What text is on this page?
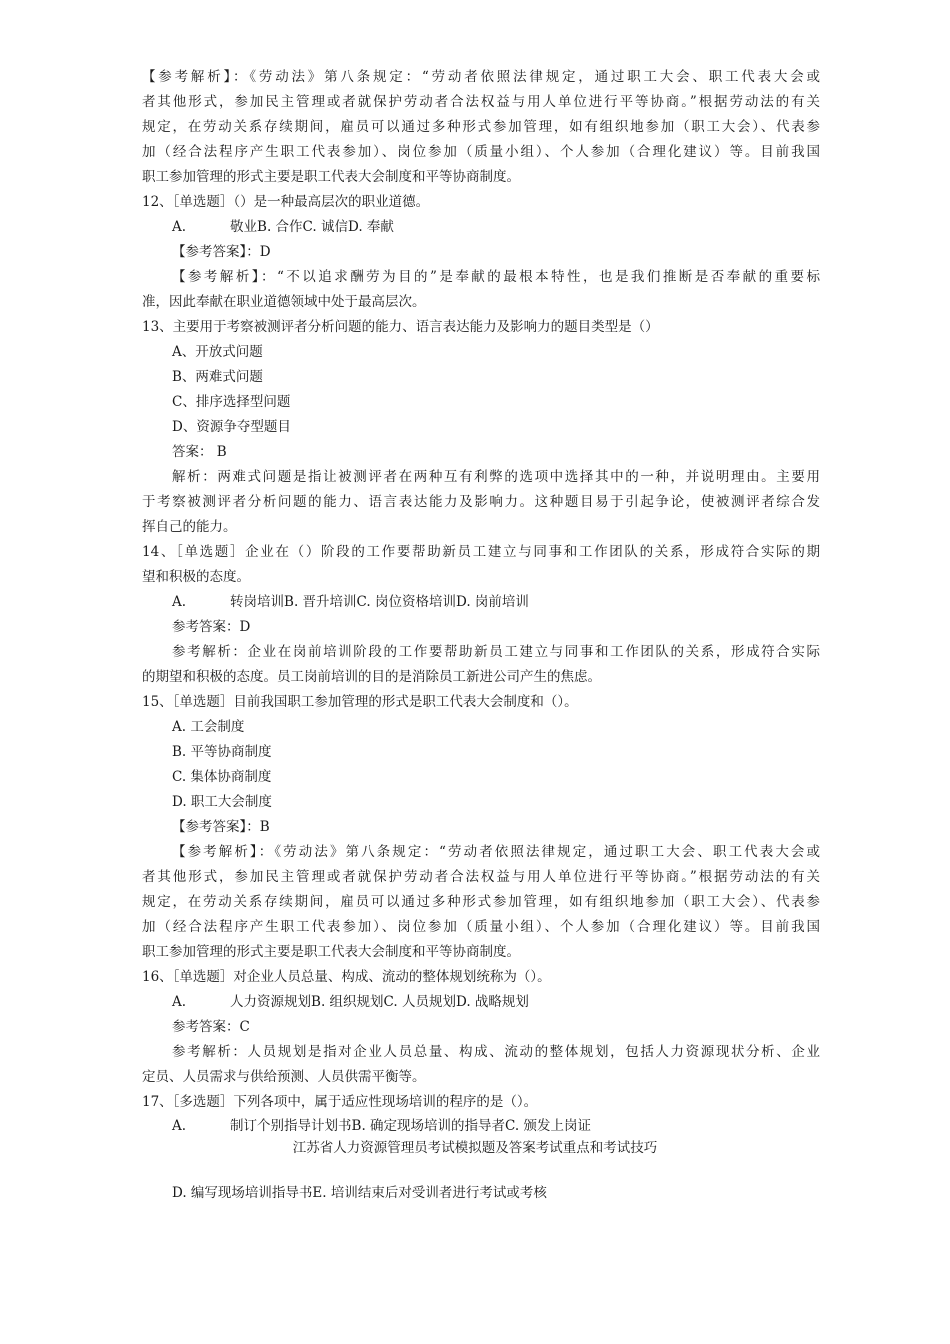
【参考解析】：《劳动法》第八条规定：“劳动者依照法律规定，通过职工大会、职工代表大会或
者其他形式，参加民主管理或者就保护劳动者合法权益与用人单位进行平等协商。”根据劳动法的有关
规定，在劳动关系存续期间，雇员可以通过多种形式参加管理，如有组织地参加（职工大会）、代表参
加（经合法程序产生职工代表参加）、岗位参加（质量小组）、个人参加（合理化建议）等。目前我国
职工参加管理的形式主要是职工代表大会制度和平等协商制度。
12、［单选题］（）是一种最高层次的职业道德。
A.	敬业B. 合作C. 诚信D. 奉献
【参考答案】：D
【参考解析】：“不以追求酬劳为目的”是奉献的最根本特性，也是我们推断是否奉献的重要标
准，因此奉献在职业道德领域中处于最高层次。
13、主要用于考察被测评者分析问题的能力、语言表达能力及影响力的题目类型是（）
A、开放式问题
B、两难式问题
C、排序选择型问题
D、资源争夺型题目
答案： B
解析：两难式问题是指让被测评者在两种互有利弊的选项中选择其中的一种，并说明理由。主要用
于考察被测评者分析问题的能力、语言表达能力及影响力。这种题目易于引起争论，使被测评者综合发
挥自己的能力。
14、［单选题］企业在（）阶段的工作要帮助新员工建立与同事和工作团队的关系，形成符合实际的期
望和积极的态度。
A.	转岗培训B. 晋升培训C. 岗位资格培训D. 岗前培训
参考答案：D
参考解析：企业在岗前培训阶段的工作要帮助新员工建立与同事和工作团队的关系，形成符合实际
的期望和积极的态度。员工岗前培训的目的是消除员工新进公司产生的焦虑。
15、［单选题］目前我国职工参加管理的形式是职工代表大会制度和（）。
A. 工会制度
B. 平等协商制度
C. 集体协商制度
D. 职工大会制度
【参考答案】：B
【参考解析】：《劳动法》第八条规定：“劳动者依照法律规定，通过职工大会、职工代表大会或
者其他形式，参加民主管理或者就保护劳动者合法权益与用人单位进行平等协商。”根据劳动法的有关
规定，在劳动关系存续期间，雇员可以通过多种形式参加管理，如有组织地参加（职工大会）、代表参
加（经合法程序产生职工代表参加）、岗位参加（质量小组）、个人参加（合理化建议）等。目前我国
职工参加管理的形式主要是职工代表大会制度和平等协商制度。
16、［单选题］对企业人员总量、构成、流动的整体规划统称为（）。
A.	人力资源规划B. 组织规划C. 人员规划D. 战略规划
参考答案：C
参考解析：人员规划是指对企业人员总量、构成、流动的整体规划，包括人力资源现状分析、企业
定员、人员需求与供给预测、人员供需平衡等。
17、［多选题］下列各项中，属于适应性现场培训的程序的是（）。
A.	制订个别指导计划书B. 确定现场培训的指导者C. 颁发上岗证
江苏省人力资源管理员考试模拟题及答案考试重点和考试技巧
D. 编写现场培训指导书E. 培训结束后对受训者进行考试或考核
